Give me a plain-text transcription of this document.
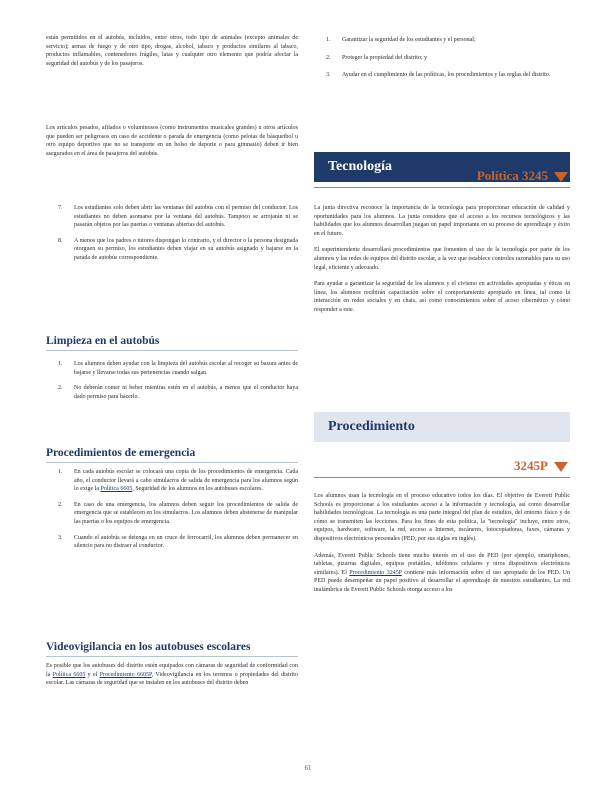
están permitidos en el autobús, incluidos, entre otros, todo tipo de animales (excepto animales de servicio); armas de fuego y de otro tipo, drogas, alcohol, tabaco y productos similares al tabaco, productos inflamables, contenedores frágiles, latas y cualquier otro elemento que podría afectar la seguridad del autobús y de los pasajeros.

Los artículos pesados, afilados o voluminosos (como instrumentos musicales grandes) u otros artículos que pueden ser peligrosos en caso de accidente o parada de emergencia (como pelotas de básquetbol u otro equipo deportivo que no se transporte en un bolso de deporte o para gimnasio) deben ir bien asegurados en el área de pasajeros del autobús.

7. Los estudiantes solo deben abrir las ventanas del autobús con el permiso del conductor. Los estudiantes no deben asomarse por la ventana del autobús. Tampoco se arrojarán ni se pasarán objetos por las puertas o ventanas abiertas del autobús.
8. A menos que los padres o tutores dispongan lo contrario, y el director o la persona designada otorguen su permiso, los estudiantes deben viajar en su autobús asignado y bajarse en la parada de autobús correspondiente.
Limpieza en el autobús
1. Los alumnos deben ayudar con la limpieza del autobús escolar al recoger su basura antes de bajarse y llevarse todas sus pertenencias cuando salgan.
2. No deberán comer ni beber mientras estén en el autobús, a menos que el conductor haya dado permiso para hacerlo.
Procedimientos de emergencia
1. En cada autobús escolar se colocará una copia de los procedimientos de emergencia. Cada año, el conductor llevará a cabo simulacros de salida de emergencia para los alumnos según lo exige la Política 6605, Seguridad de los alumnos en los autobuses escolares.
2. En caso de una emergencia, los alumnos deben seguir los procedimientos de salida de emergencia que se establecen en los simulacros. Los alumnos deben abstenerse de manipular las puertas o los equipos de emergencia.
3. Cuando el autobús se detenga en un cruce de ferrocarril, los alumnos deben permanecer en silencio para no distraer al conductor.
Videovigilancia en los autobuses escolares

Es posible que los autobuses del distrito estén equipados con cámaras de seguridad de conformidad con la Política 6605 y el Procedimiento 6605P, Videovigilancia en los terrenos o propiedades del distrito escolar. Las cámaras de seguridad que se instalen en los autobuses del distrito deben

1. Garantizar la seguridad de los estudiantes y el personal;
2. Proteger la propiedad del distrito; y
3. Ayudar en el cumplimiento de las políticas, los procedimientos y las reglas del distrito.
Tecnología
Política 3245

La junta directiva reconoce la importancia de la tecnología para proporcionar educación de calidad y oportunidades para los alumnos. La junta considera que el acceso a los recursos tecnológicos y las habilidades que los alumnos desarrollan juegan un papel importante en su proceso de aprendizaje y éxito en el futuro.

El superintendente desarrollará procedimientos que fomenten el uso de la tecnología por parte de los alumnos y las redes de equipos del distrito escolar, a la vez que establece controles razonables para su uso legal, eficiente y adecuado.

Para ayudar a garantizar la seguridad de los alumnos y el civismo en actividades apropiadas y éticas en línea, los alumnos recibirán capacitación sobre el comportamiento apropiado en línea, tal como la interacción en redes sociales y en chats, así como conocimientos sobre el acoso cibernético y cómo responder a este.

Procedimiento
3245P

Los alumnos usan la tecnología en el proceso educativo todos los días. El objetivo de Everett Public Schools es proporcionar a los estudiantes acceso a la información y tecnología, así como desarrollar habilidades tecnológicas. La tecnología es una parte integral del plan de estudios, del entorno físico y de cómo se transmiten las lecciones. Para los fines de esta política, la "tecnología" incluye, entre otros, equipos, hardware, software, la red, acceso a Internet, escáneres, fotocopiadoras, faxes, cámaras y dispositivos electrónicos personales (PED, por sus siglas en inglés).

Además, Everett Public Schools tiene mucho interés en el uso de PED (por ejemplo, smartphones, tabletas, pizarras digitales, equipos portátiles, teléfonos celulares y otros dispositivos electrónicos similares). El Procedimiento 3245P contiene más información sobre el uso apropiado de los PED. Un PED puede desempeñar un papel positivo al desarrollar el aprendizaje de nuestros estudiantes. La red inalámbrica de Everett Public Schools otorga acceso a los

61
